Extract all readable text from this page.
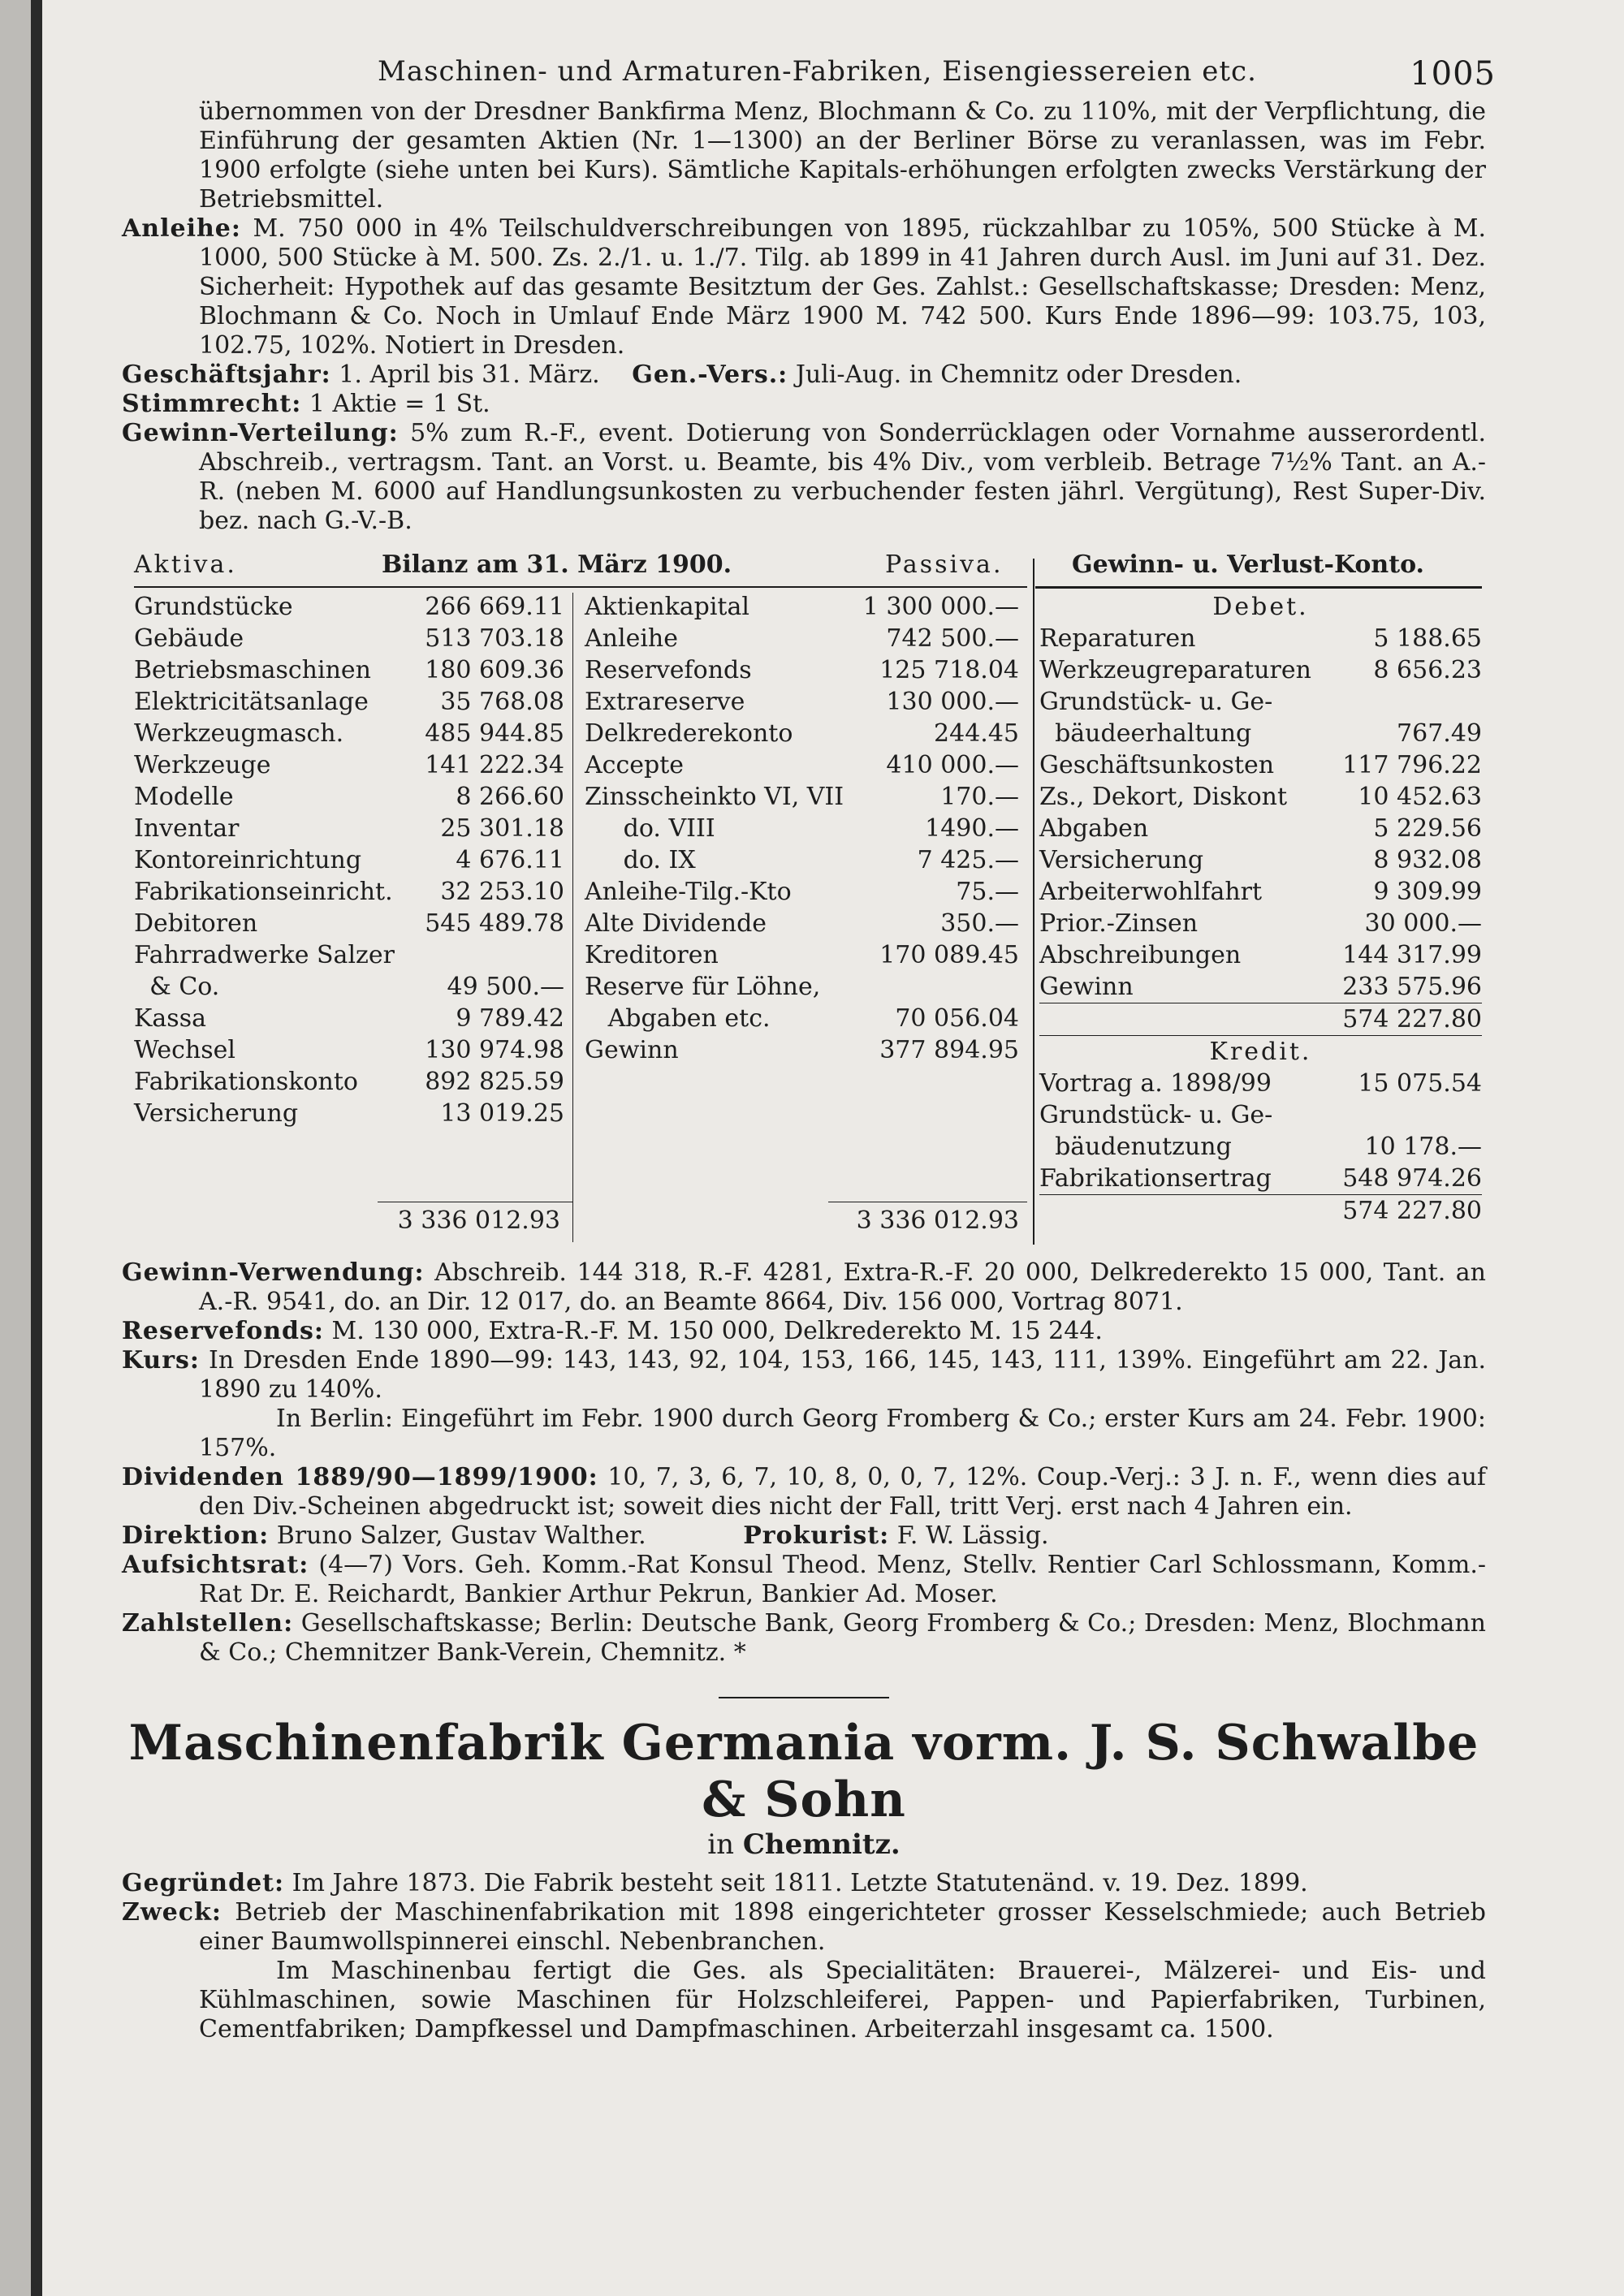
Maschinen- und Armaturen-Fabriken, Eisengiessereien etc.	1005

übernommen von der Dresdner Bankfirma Menz, Blochmann & Co. zu 110%, mit der Verpflichtung, die Einführung der gesamten Aktien (Nr. 1—1300) an der Berliner Börse zu veranlassen, was im Febr. 1900 erfolgte (siehe unten bei Kurs). Sämtliche Kapitals-erhöhungen erfolgten zwecks Verstärkung der Betriebsmittel.

Anleihe: M. 750 000 in 4% Teilschuldverschreibungen von 1895, rückzahlbar zu 105%, 500 Stücke à M. 1000, 500 Stücke à M. 500. Zs. 2./1. u. 1./7. Tilg. ab 1899 in 41 Jahren durch Ausl. im Juni auf 31. Dez. Sicherheit: Hypothek auf das gesamte Besitztum der Ges. Zahlst.: Gesellschaftskasse; Dresden: Menz, Blochmann & Co. Noch in Umlauf Ende März 1900 M. 742 500. Kurs Ende 1896—99: 103.75, 103, 102.75, 102%. Notiert in Dresden.

Geschäftsjahr: 1. April bis 31. März. Gen.-Vers.: Juli-Aug. in Chemnitz oder Dresden.

Stimmrecht: 1 Aktie = 1 St.

Gewinn-Verteilung: 5% zum R.-F., event. Dotierung von Sonderrücklagen oder Vornahme ausserordentl. Abschreib., vertragsm. Tant. an Vorst. u. Beamte, bis 4% Div., vom verbleib. Betrage 7½% Tant. an A.-R. (neben M. 6000 auf Handlungsunkosten zu verbuchender festen jährl. Vergütung), Rest Super-Div. bez. nach G.-V.-B.

Aktiva.	Bilanz am 31. März 1900.	Passiva.	Gewinn- u. Verlust-Konto.
Grundstücke	266 669.11
Gebäude	513 703.18
Betriebsmaschinen 180 609.36
Elektricitätsanlage	35 768.08
Werkzeugmasch.	485 944.85
Werkzeuge	141 222.34
Modelle	8 266.60
Inventar	25 301.18
Kontoreinrichtung	4 676.11
Fabrikationseinricht. 32 253.10
Debitoren	545 489.78
Fahrradwerke Salzer
& Co.	49 500.—
Kassa	9 789.42
Wechsel	130 974.98
Fabrikationskonto	892 825.59
Versicherung	13 019.25
3 336 012.93
Aktienkapital	1 300 000.—
Anleihe	742 500.—
Reservefonds	125 718.04
Extrareserve	130 000.—
Delkrederekonto	244.45
Accepte	410 000.—
Zinsscheinkto VI, VII	170.—
do. VIII	1490.—
do. IX	7 425.—
Anleihe-Tilg.-Kto	75.—
Alte Dividende	350.—
Kreditoren	170 089.45
Reserve für Löhne,
Abgaben etc.	70 056.04
Gewinn	377 894.95
3 336 012.93
Debet.
Reparaturen	5 188.65
Werkzeugreparaturen	8 656.23
Grundstück- u. Ge-
bäudeerhaltung	767.49
Geschäftsunkosten	117 796.22
Zs., Dekort, Diskont	10 452.63
Abgaben	5 229.56
Versicherung	8 932.08
Arbeiterwohlfahrt	9 309.99
Prior.-Zinsen	30 000.—
Abschreibungen	144 317.99
Gewinn	233 575.96
574 227.80
Kredit.
Vortrag a. 1898/99	15 075.54
Grundstück- u. Ge-
bäudenutzung	10 178.—
Fabrikationsertrag	548 974.26
574 227.80

Gewinn-Verwendung: Abschreib. 144 318, R.-F. 4281, Extra-R.-F. 20 000, Delkrederekto 15 000, Tant. an A.-R. 9541, do. an Dir. 12 017, do. an Beamte 8664, Div. 156 000, Vortrag 8071.

Reservefonds: M. 130 000, Extra-R.-F. M. 150 000, Delkrederekto M. 15 244.

Kurs: In Dresden Ende 1890—99: 143, 143, 92, 104, 153, 166, 145, 143, 111, 139%. Eingeführt am 22. Jan. 1890 zu 140%.

In Berlin: Eingeführt im Febr. 1900 durch Georg Fromberg & Co.; erster Kurs am 24. Febr. 1900: 157%.

Dividenden 1889/90—1899/1900: 10, 7, 3, 6, 7, 10, 8, 0, 0, 7, 12%. Coup.-Verj.: 3 J. n. F., wenn dies auf den Div.-Scheinen abgedruckt ist; soweit dies nicht der Fall, tritt Verj. erst nach 4 Jahren ein.

Direktion: Bruno Salzer, Gustav Walther.	Prokurist: F. W. Lässig.

Aufsichtsrat: (4—7) Vors. Geh. Komm.-Rat Konsul Theod. Menz, Stellv. Rentier Carl Schlossmann, Komm.-Rat Dr. E. Reichardt, Bankier Arthur Pekrun, Bankier Ad. Moser.

Zahlstellen: Gesellschaftskasse; Berlin: Deutsche Bank, Georg Fromberg & Co.; Dresden: Menz, Blochmann & Co.; Chemnitzer Bank-Verein, Chemnitz. *

Maschinenfabrik Germania vorm. J. S. Schwalbe & Sohn

in Chemnitz.

Gegründet: Im Jahre 1873. Die Fabrik besteht seit 1811. Letzte Statutenänd. v. 19. Dez. 1899.

Zweck: Betrieb der Maschinenfabrikation mit 1898 eingerichteter grosser Kesselschmiede; auch Betrieb einer Baumwollspinnerei einschl. Nebenbranchen.

Im Maschinenbau fertigt die Ges. als Specialitäten: Brauerei-, Mälzerei- und Eis- und Kühlmaschinen, sowie Maschinen für Holzschleiferei, Pappen- und Papierfabriken, Turbinen, Cementfabriken; Dampfkessel und Dampfmaschinen. Arbeiterzahl insgesamt ca. 1500.
